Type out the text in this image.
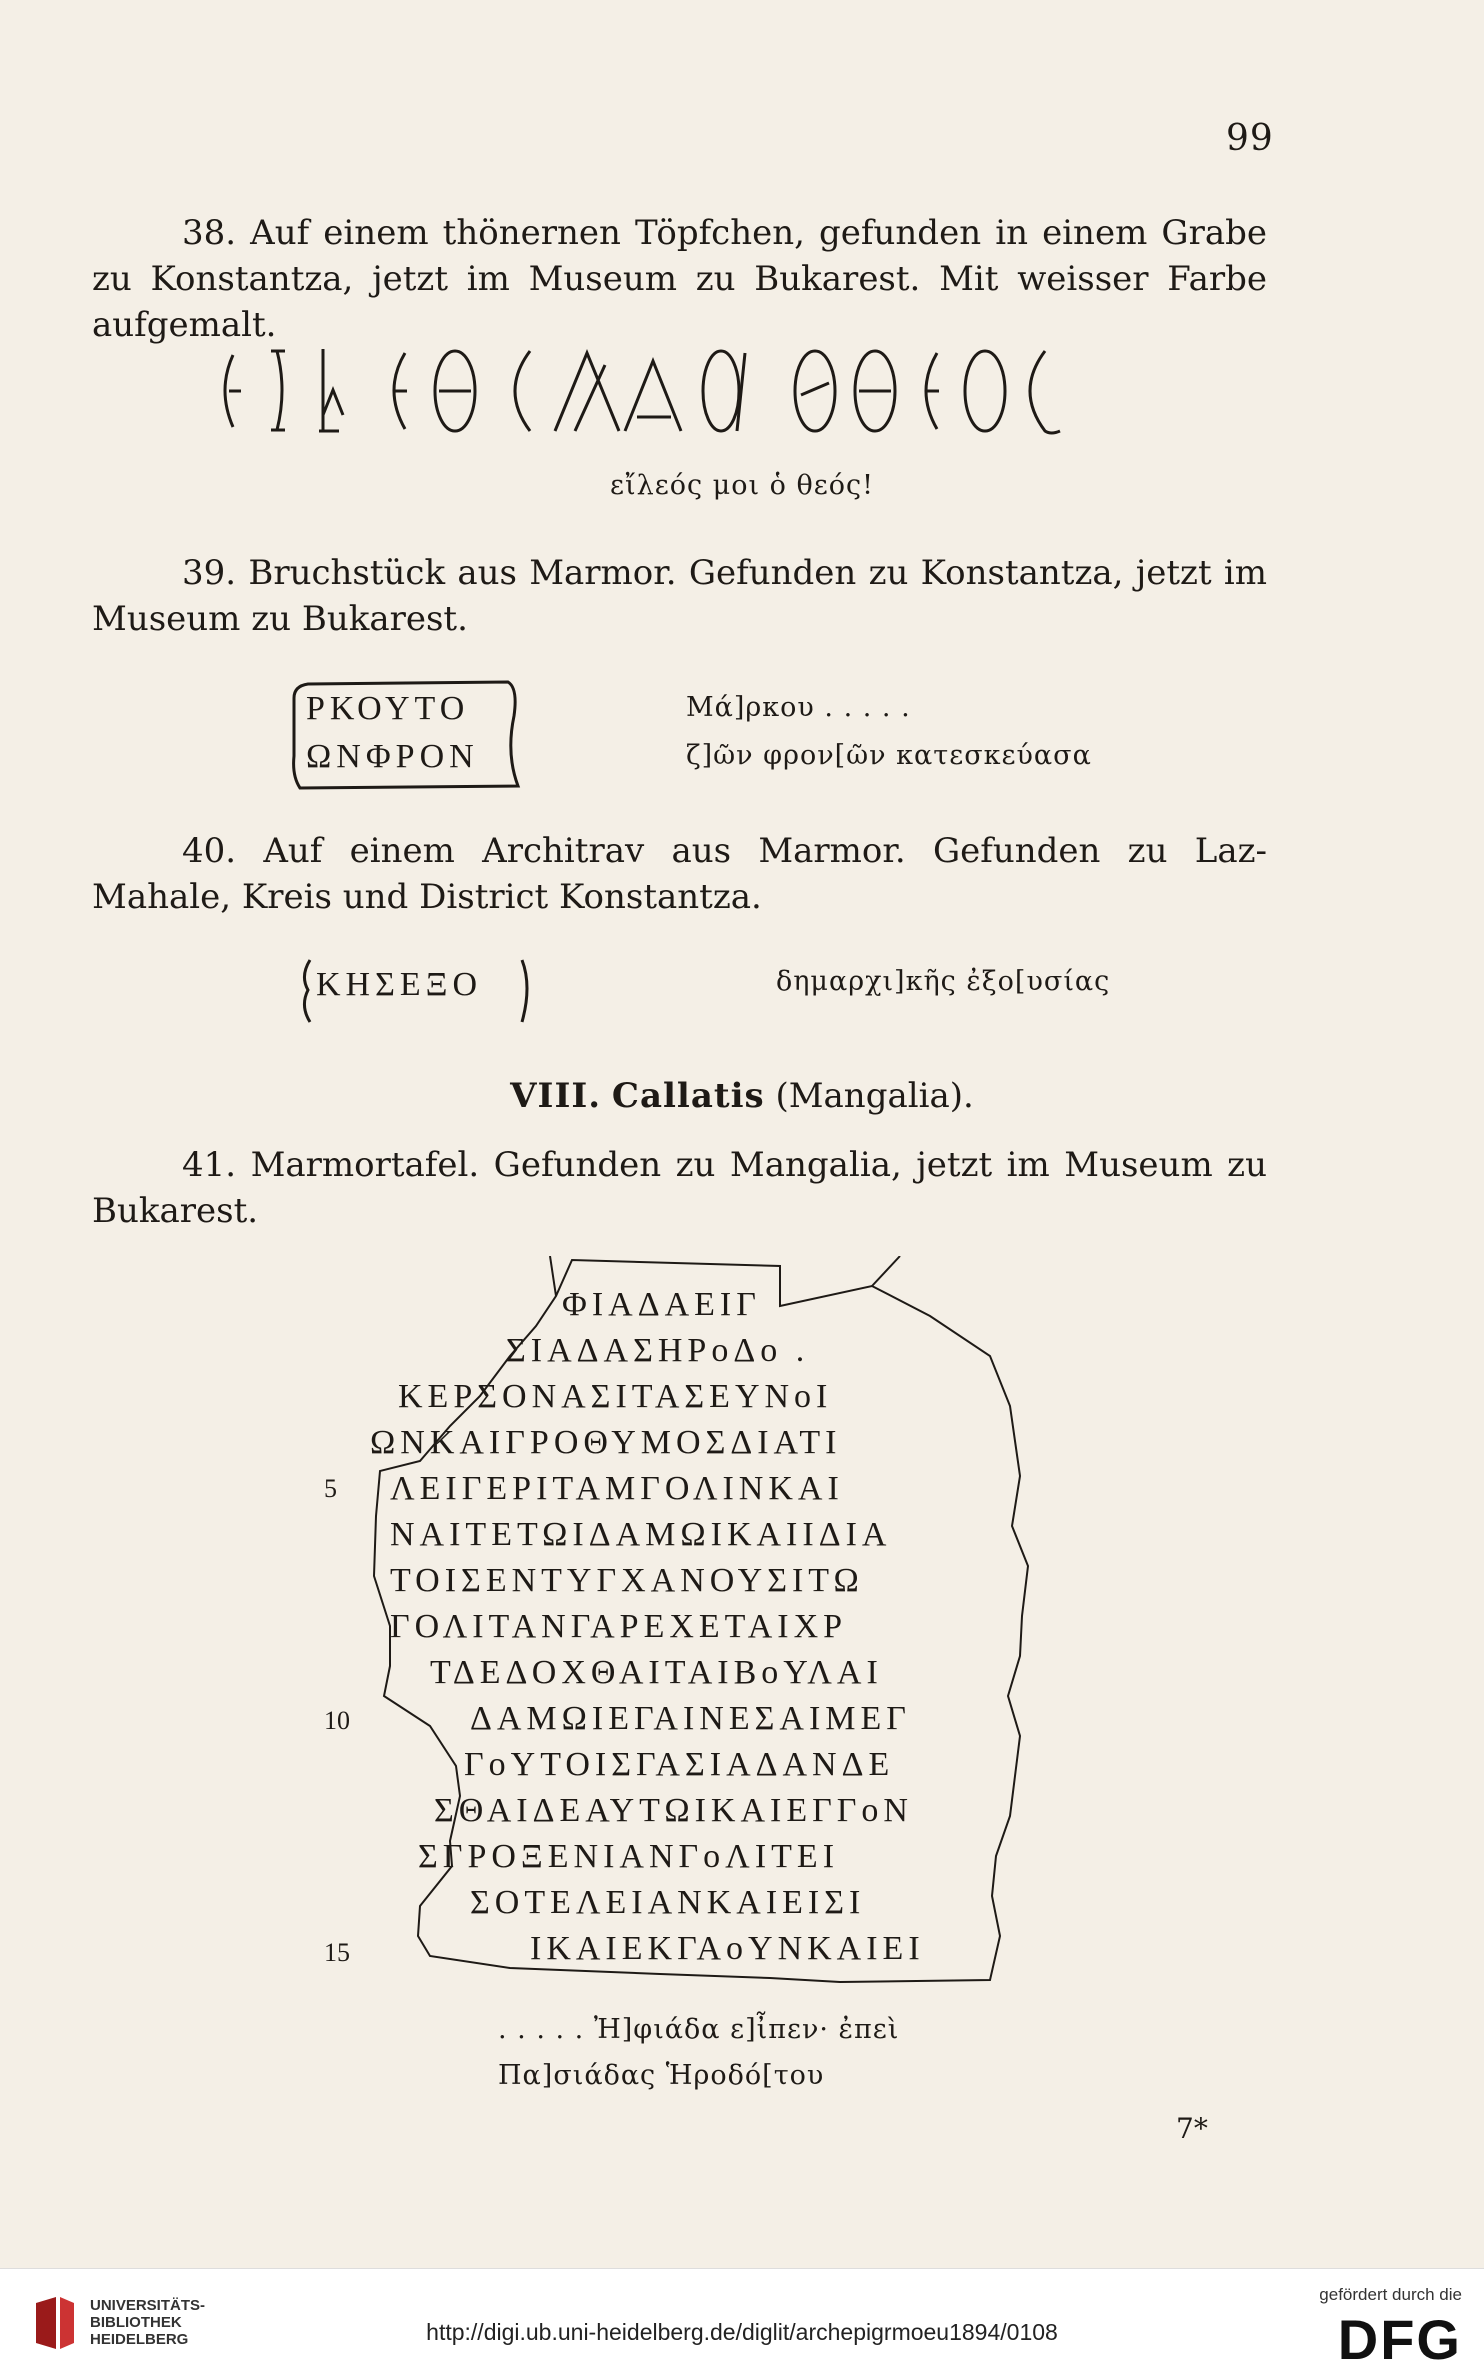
99

38. Auf einem thönernen Töpfchen, gefunden in einem Grabe zu Konstantza, jetzt im Museum zu Bukarest. Mit weisser Farbe aufgemalt.

εἴλεός μοι ὁ θεός!

39. Bruchstück aus Marmor. Gefunden zu Konstantza, jetzt im Museum zu Bukarest.

ΡΚΟΥΤΟ
ΩΝΦΡΟΝ
Μά]ρκου . . . . .
ζ]ῶν φρον[ῶν κατεσκεύασα

40. Auf einem Architrav aus Marmor. Gefunden zu Laz-Mahale, Kreis und District Konstantza.

ΚΗΣΕΞΟ	δημαρχι]κῆς ἐξο[υσίας
VIII. Callatis (Mangalia).

41. Marmortafel. Gefunden zu Mangalia, jetzt im Museum zu Bukarest.

ΦΙΑΔΑΕΙΓ
ΣΙΑΔΑΣΗΡoΔo .
ΚΕΡΣΟΝΑΣΙΤΑΣΕΥΝoΙ
ΩΝΚΑΙΓΡΟΘΥΜΟΣΔΙΑΤΙ
ΛΕΙΓΕΡΙΤΑΜΓΟΛΙΝΚΑΙ
ΝΑΙΤΕΤΩΙΔΑΜΩΙΚΑΙΙΔΙΑ
ΤΟΙΣΕΝΤΥΓΧΑΝΟΥΣΙΤΩ
ΓΟΛΙΤΑΝΓΑΡΕΧΕΤΑΙΧΡ
ΤΔΕΔΟΧΘΑΙΤΑΙΒoΥΛΑΙ
ΔΑΜΩΙΕΓΑΙΝΕΣΑΙΜΕΓ
ΓoΥΤΟΙΣΓΑΣΙΑΔΑΝΔΕ
ΣΘΑΙΔΕΑΥΤΩΙΚΑΙΕΓΓoΝ
ΣΓΡΟΞΕΝΙΑΝΓoΛΙΤΕΙ
ΣΟΤΕΛΕΙΑΝΚΑΙΕΙΣΙ
ΙΚΑΙΕΚΓΑoΥΝΚΑΙΕΙ
5
10
15
. . . . . Ἠ]φιάδα ε]ἶπεν· ἐπεὶ
Πα]σιάδας Ἡροδό[του
7*
UNIVERSITÄTS-
BIBLIOTHEK
HEIDELBERG	http://digi.ub.uni-heidelberg.de/diglit/archepigrmoeu1894/0108
gefördert durch die
DFG
